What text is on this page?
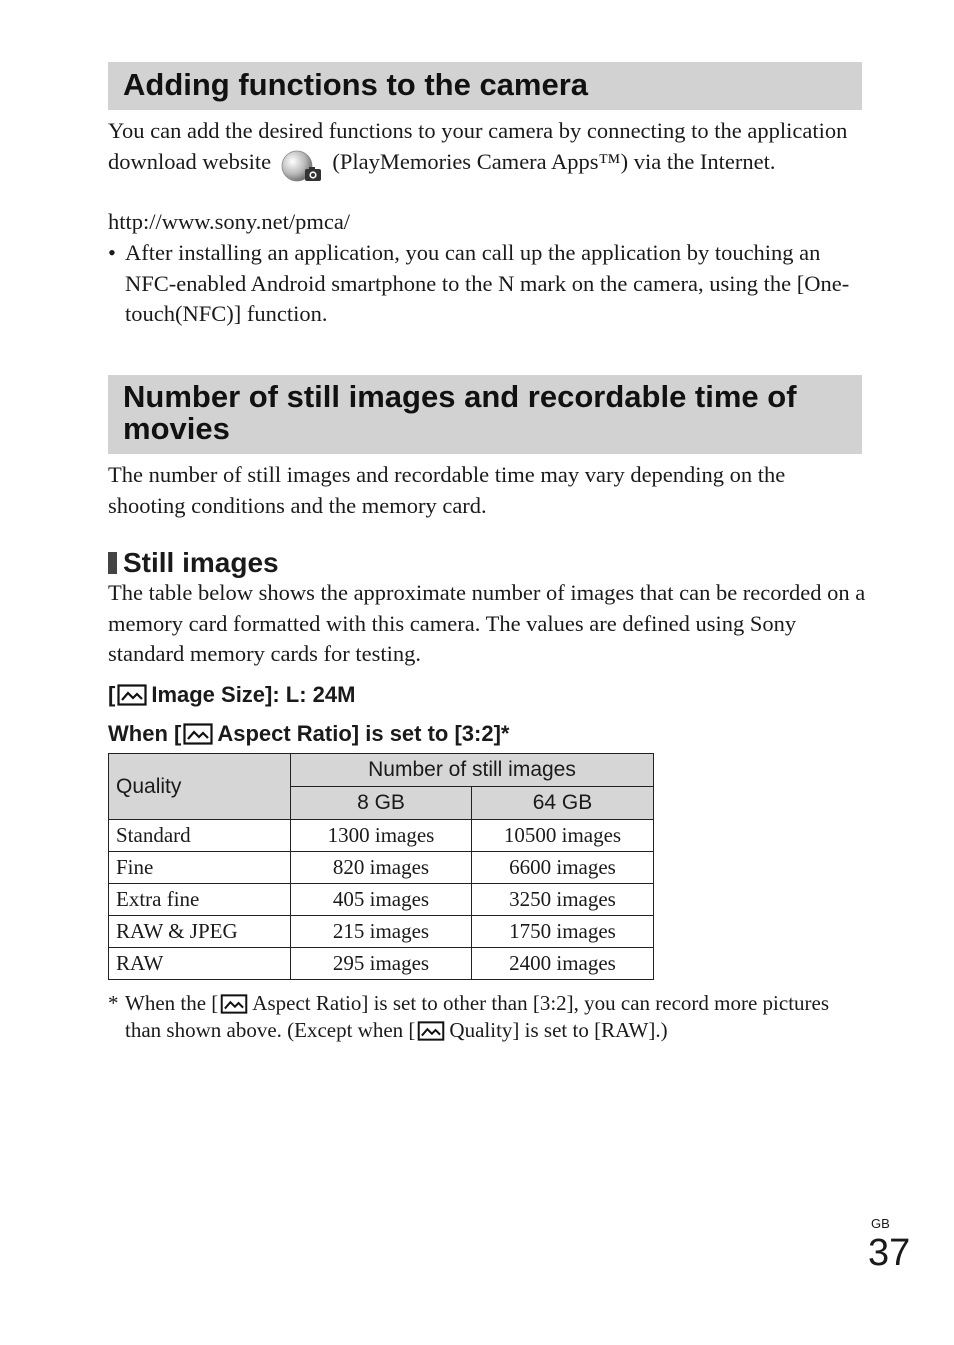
Adding functions to the camera

You can add the desired functions to your camera by connecting to the application download website	(PlayMemories Camera Apps™) via the Internet.

http://www.sony.net/pmca/
• After installing an application, you can call up the application by touching an NFC-enabled Android smartphone to the N mark on the camera, using the [One-touch(NFC)] function.
Number of still images and recordable time of movies

The number of still images and recordable time may vary depending on the shooting conditions and the memory card.

Still images

The table below shows the approximate number of images that can be recorded on a memory card formatted with this camera. The values are defined using Sony standard memory cards for testing.

[ Image Size]: L: 24M
When [ Aspect Ratio] is set to [3:2]*
Quality	Number of still images	
	8 GB	64 GB
Standard	1300 images	10500 images
Fine	820 images	6600 images
Extra fine	405 images	3250 images
RAW & JPEG	215 images	1750 images
RAW	295 images	2400 images
* When the [ Aspect Ratio] is set to other than [3:2], you can record more pictures than shown above. (Except when [ Quality] is set to [RAW].)
GB
37
